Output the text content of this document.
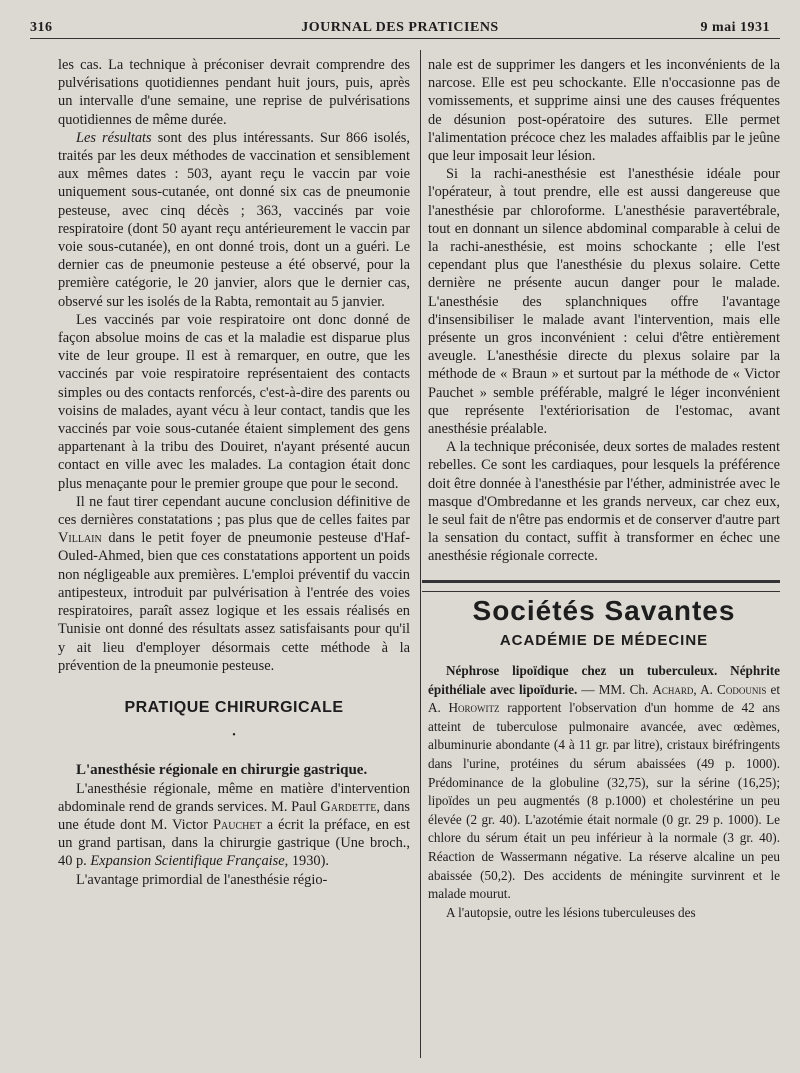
316	JOURNAL DES PRATICIENS	9 mai 1931

les cas. La technique à préconiser devrait comprendre des pulvérisations quotidiennes pendant huit jours, puis, après un intervalle d'une semaine, une reprise de pulvérisations quotidiennes de même durée.

Les résultats sont des plus intéressants. Sur 866 isolés, traités par les deux méthodes de vaccination et sensiblement aux mêmes dates : 503, ayant reçu le vaccin par voie uniquement sous-cutanée, ont donné six cas de pneumonie pesteuse, avec cinq décès ; 363, vaccinés par voie respiratoire (dont 50 ayant reçu antérieurement le vaccin par voie sous-cutanée), en ont donné trois, dont un a guéri. Le dernier cas de pneumonie pesteuse a été observé, pour la première catégorie, le 20 janvier, alors que le dernier cas, observé sur les isolés de la Rabta, remontait au 5 janvier.

Les vaccinés par voie respiratoire ont donc donné de façon absolue moins de cas et la maladie est disparue plus vite de leur groupe. Il est à remarquer, en outre, que les vaccinés par voie respiratoire représentaient des contacts simples ou des contacts renforcés, c'est-à-dire des parents ou voisins de malades, ayant vécu à leur contact, tandis que les vaccinés par voie sous-cutanée étaient simplement des gens appartenant à la tribu des Douiret, n'ayant présenté aucun contact en ville avec les malades. La contagion était donc plus menaçante pour le premier groupe que pour le second.

Il ne faut tirer cependant aucune conclusion définitive de ces dernières constatations ; pas plus que de celles faites par Villain dans le petit foyer de pneumonie pesteuse d'Haf-Ouled-Ahmed, bien que ces constatations apportent un poids non négligeable aux premières. L'emploi préventif du vaccin antipesteux, introduit par pulvérisation à l'entrée des voies respiratoires, paraît assez logique et les essais réalisés en Tunisie ont donné des résultats assez satisfaisants pour qu'il y ait lieu d'employer désormais cette méthode à la prévention de la pneumonie pesteuse.

PRATIQUE CHIRURGICALE
•

L'anesthésie régionale en chirurgie gastrique.

L'anesthésie régionale, même en matière d'intervention abdominale rend de grands services. M. Paul Gardette, dans une étude dont M. Victor Pauchet a écrit la préface, en est un grand partisan, dans la chirurgie gastrique (Une broch., 40 p. Expansion Scientifique Française, 1930).

L'avantage primordial de l'anesthésie régio-

nale est de supprimer les dangers et les inconvénients de la narcose. Elle est peu schockante. Elle n'occasionne pas de vomissements, et supprime ainsi une des causes fréquentes de désunion post-opératoire des sutures. Elle permet l'alimentation précoce chez les malades affaiblis par le jeûne que leur imposait leur lésion.

Si la rachi-anesthésie est l'anesthésie idéale pour l'opérateur, à tout prendre, elle est aussi dangereuse que l'anesthésie par chloroforme. L'anesthésie paravertébrale, tout en donnant un silence abdominal comparable à celui de la rachi-anesthésie, est moins schockante ; elle l'est cependant plus que l'anesthésie du plexus solaire. Cette dernière ne présente aucun danger pour le malade. L'anesthésie des splanchniques offre l'avantage d'insensibiliser le malade avant l'intervention, mais elle présente un gros inconvénient : celui d'être entièrement aveugle. L'anesthésie directe du plexus solaire par la méthode de « Braun » et surtout par la méthode de « Victor Pauchet » semble préférable, malgré le léger inconvénient que représente l'extériorisation de l'estomac, avant anesthésie préalable.

A la technique préconisée, deux sortes de malades restent rebelles. Ce sont les cardiaques, pour lesquels la préférence doit être donnée à l'anesthésie par l'éther, administrée avec le masque d'Ombredanne et les grands nerveux, car chez eux, le seul fait de n'être pas endormis et de conserver d'autre part la sensation du contact, suffit à transformer en échec une anesthésie régionale correcte.

Sociétés Savantes
ACADÉMIE DE MÉDECINE

Néphrose lipoïdique chez un tuberculeux. Néphrite épithéliale avec lipoïdurie. — MM. Ch. Achard, A. Codounis et A. Horowitz rapportent l'observation d'un homme de 42 ans atteint de tuberculose pulmonaire avancée, avec œdèmes, albuminurie abondante (4 à 11 gr. par litre), cristaux biréfringents dans l'urine, protéines du sérum abaissées (49 p. 1000). Prédominance de la globuline (32,75), sur la sérine (16,25); lipoïdes un peu augmentés (8 p.1000) et cholestérine un peu élevée (2 gr. 40). L'azotémie était normale (0 gr. 29 p. 1000). Le chlore du sérum était un peu inférieur à la normale (3 gr. 40). Réaction de Wassermann négative. La réserve alcaline un peu abaissée (50,2). Des accidents de méningite survinrent et le malade mourut.

A l'autopsie, outre les lésions tuberculeuses des
